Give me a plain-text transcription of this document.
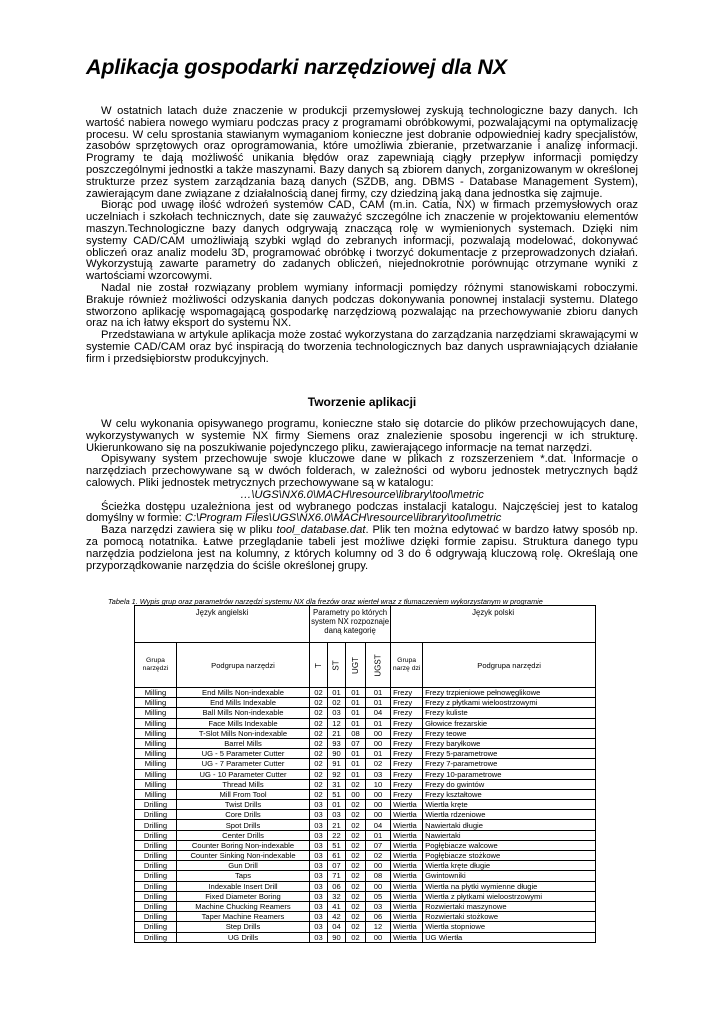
Aplikacja gospodarki narzędziowej dla NX

W ostatnich latach duże znaczenie w produkcji przemysłowej zyskują technologiczne bazy danych. Ich wartość nabiera nowego wymiaru podczas pracy z programami obróbkowymi, pozwalającymi na optymalizację procesu. W celu sprostania stawianym wymaganiom konieczne jest dobranie odpowiedniej kadry specjalistów, zasobów sprzętowych oraz oprogramowania, które umożliwia zbieranie, przetwarzanie i analizę informacji. Programy te dają możliwość unikania błędów oraz zapewniają ciągły przepływ informacji pomiędzy poszczególnymi jednostki a także maszynami. Bazy danych są zbiorem danych, zorganizowanym w określonej strukturze przez system zarządzania bazą danych (SZDB, ang. DBMS - Database Management System), zawierającym dane związane z działalnością danej firmy, czy dziedziną jaką dana jednostka się zajmuje.

Biorąc pod uwagę ilość wdrożeń systemów CAD, CAM (m.in. Catia, NX) w firmach przemysłowych oraz uczelniach i szkołach technicznych, date się zauważyć szczególne ich znaczenie w projektowaniu elementów maszyn.Technologiczne bazy danych odgrywają znaczącą rolę w wymienionych systemach. Dzięki nim systemy CAD/CAM umożliwiają szybki wgląd do zebranych informacji, pozwalają modelować, dokonywać obliczeń oraz analiz modelu 3D, programować obróbkę i tworzyć dokumentacje z przeprowadzonych działań. Wykorzystują zawarte parametry do zadanych obliczeń, niejednokrotnie porównując otrzymane wyniki z wartościami wzorcowymi.

Nadal nie został rozwiązany problem wymiany informacji pomiędzy różnymi stanowiskami roboczymi. Brakuje również możliwości odzyskania danych podczas dokonywania ponownej instalacji systemu. Dlatego stworzono aplikację wspomagającą gospodarkę narzędziową pozwalając na przechowywanie zbioru danych oraz na ich łatwy eksport do systemu NX.

Przedstawiana w artykule aplikacja może zostać wykorzystana do zarządzania narzędziami skrawającymi w systemie CAD/CAM oraz być inspiracją do tworzenia technologicznych baz danych usprawniających działanie firm i przedsiębiorstw produkcyjnych.

Tworzenie aplikacji

W celu wykonania opisywanego programu, konieczne stało się dotarcie do plików przechowujących dane, wykorzystywanych w systemie NX firmy Siemens oraz znalezienie sposobu ingerencji w ich strukturę. Ukierunkowano się na poszukiwanie pojedynczego pliku, zawierającego informacje na temat narzędzi.

Opisywany system przechowuje swoje kluczowe dane w plikach z rozszerzeniem *.dat. Informacje o narzędziach przechowywane są w dwóch folderach, w zależności od wyboru jednostek metrycznych bądź calowych. Pliki jednostek metrycznych przechowywane są w katalogu:

…\UGS\NX6.0\MACH\resource\library\tool\metric

Ścieżka dostępu uzależniona jest od wybranego podczas instalacji katalogu. Najczęściej jest to katalog domyślny w formie: C:\Program Files\UGS\NX6.0\MACH\resource\library\tool\metric

Baza narzędzi zawiera się w pliku tool_database.dat. Plik ten można edytować w bardzo łatwy sposób np. za pomocą notatnika. Łatwe przeglądanie tabeli jest możliwe dzięki formie zapisu. Struktura danego typu narzędzia podzielona jest na kolumny, z których kolumny od 3 do 6 odgrywają kluczową rolę. Określają one przyporządkowanie narzędzia do ściśle określonej grupy.

Tabela 1. Wypis grup oraz parametrów narzędzi systemu NX dla frezów oraz wierteł wraz z tłumaczeniem wykorzystanym w programie
Język angielski		Parametry po których system NX rozpoznaje daną kategorię				Język polski	
Grupa narzędzi	Podgrupa narzędzi	T	ST	UGT	UGST	Grupa narzę dzi	Podgrupa narzędzi
Milling	End Mills Non-indexable	02	01	01	01	Frezy	Frezy trzpieniowe pełnowęglikowe
Milling	End Mills Indexable	02	02	01	01	Frezy	Frezy z płytkami wieloostrzowymi
Milling	Ball Mills Non-indexable	02	03	01	04	Frezy	Frezy kuliste
Milling	Face Mills Indexable	02	12	01	01	Frezy	Głowice frezarskie
Milling	T-Slot Mills Non-indexable	02	21	08	00	Frezy	Frezy teowe
Milling	Barrel Mills	02	93	07	00	Frezy	Frezy baryłkowe
Milling	UG - 5 Parameter Cutter	02	90	01	01	Frezy	Frezy 5-parametrowe
Milling	UG - 7 Parameter Cutter	02	91	01	02	Frezy	Frezy 7-parametrowe
Milling	UG - 10 Parameter Cutter	02	92	01	03	Frezy	Frezy 10-parametrowe
Milling	Thread Mills	02	31	02	10	Frezy	Frezy do gwintów
Milling	Mill From Tool	02	51	00	00	Frezy	Frezy kształtowe
Drilling	Twist Drills	03	01	02	00	Wiertła	Wiertła kręte
Drilling	Core Drills	03	03	02	00	Wiertła	Wiertła rdzeniowe
Drilling	Spot Drills	03	21	02	04	Wiertła	Nawiertaki długie
Drilling	Center Drills	03	22	02	01	Wiertła	Nawiertaki
Drilling	Counter Boring Non-indexable	03	51	02	07	Wiertła	Pogłębiacze walcowe
Drilling	Counter Sinking Non-indexable	03	61	02	02	Wiertła	Pogłębiacze stożkowe
Drilling	Gun Drill	03	07	02	00	Wiertła	Wiertła kręte długie
Drilling	Taps	03	71	02	08	Wiertła	Gwintowniki
Drilling	Indexable Insert Drill	03	06	02	00	Wiertła	Wiertła na płytki wymienne długie
Drilling	Fixed Diameter Boring	03	32	02	05	Wiertła	Wiertła z płytkami wieloostrzowymi
Drilling	Machine Chucking Reamers	03	41	02	03	Wiertła	Rozwiertaki maszynowe
Drilling	Taper Machine Reamers	03	42	02	06	Wiertła	Rozwiertaki stożkowe
Drilling	Step Drills	03	04	02	12	Wiertła	Wiertła stopniowe
Drilling	UG Drills	03	90	02	00	Wiertła	UG Wiertła
